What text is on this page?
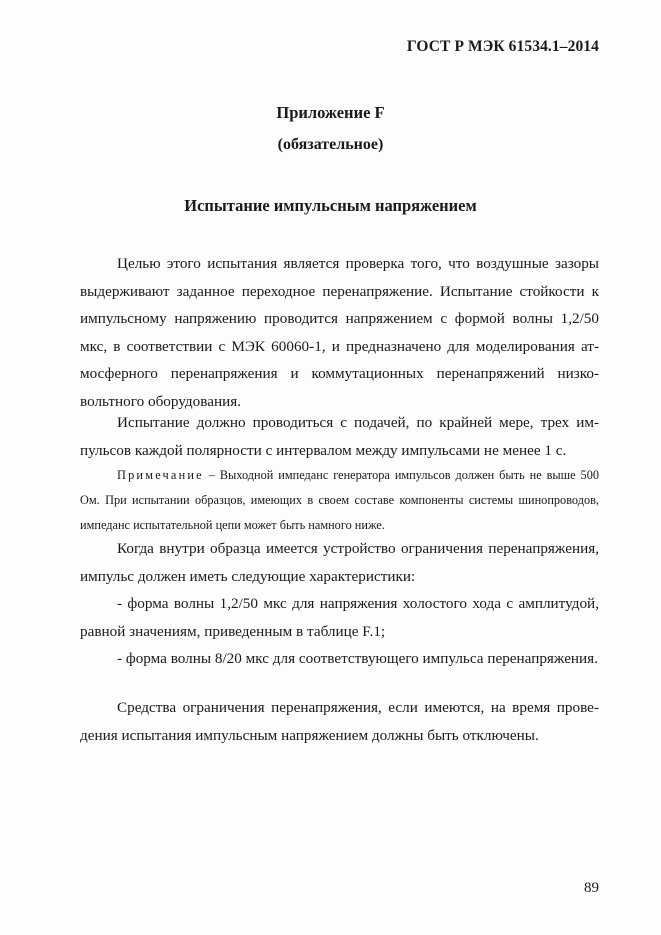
ГОСТ Р МЭК 61534.1–2014
Приложение F
(обязательное)
Испытание импульсным напряжением

Целью этого испытания является проверка того, что воздушные зазоры выдерживают заданное переходное перенапряжение. Испытание стойкости к импульсному напряжению проводится напряжением с формой волны 1,2/50 мкс, в соответствии с МЭК 60060-1, и предназначено для моделирования атмосферного перенапряжения и коммутационных перенапряжений низковольтного оборудования.

Испытание должно проводиться с подачей, по крайней мере, трех импульсов каждой полярности с интервалом между импульсами не менее 1 с.

Примечание – Выходной импеданс генератора импульсов должен быть не выше 500 Ом. При испытании образцов, имеющих в своем составе компоненты системы шинопроводов, импеданс испытательной цепи может быть намного ниже.

Когда внутри образца имеется устройство ограничения перенапряжения, импульс должен иметь следующие характеристики:

- форма волны 1,2/50 мкс для напряжения холостого хода с амплитудой, равной значениям, приведенным в таблице F.1;

- форма волны 8/20 мкс для соответствующего импульса перенапряжения.

Средства ограничения перенапряжения, если имеются, на время проведения испытания импульсным напряжением должны быть отключены.

89
